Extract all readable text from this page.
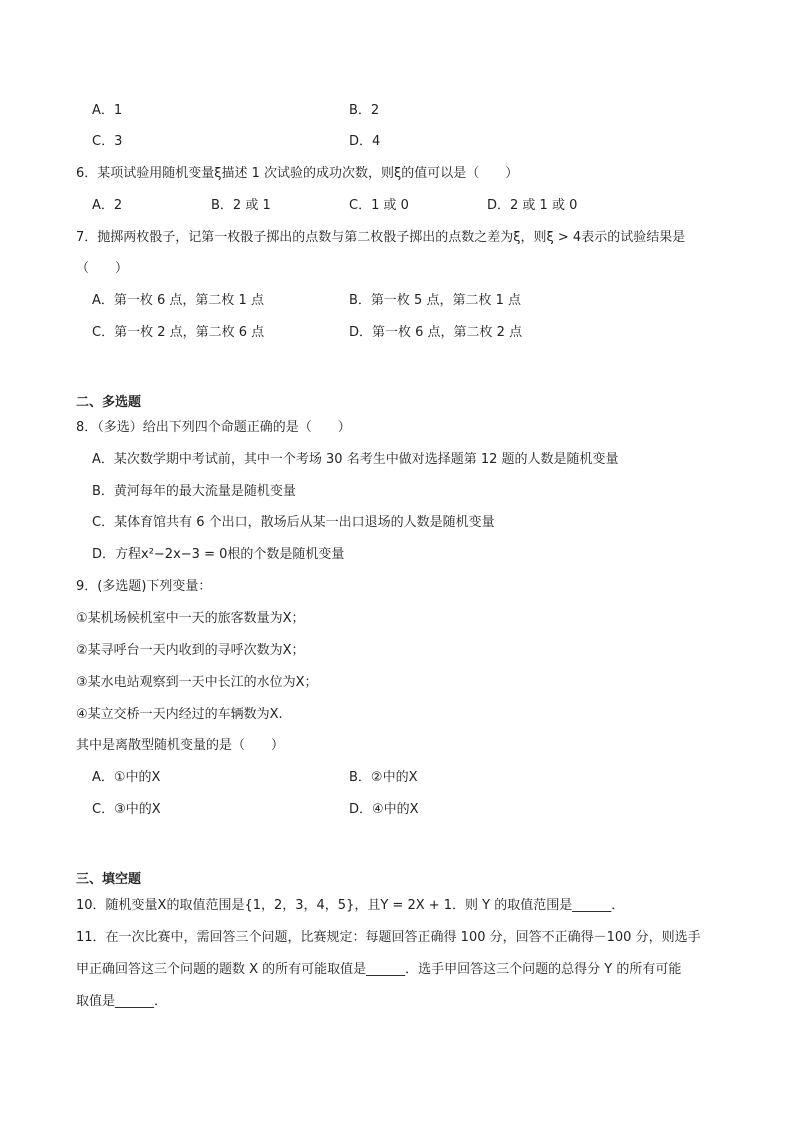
A．1	B．2
C．3	D．4
6．某项试验用随机变量ξ描述 1 次试验的成功次数，则ξ的值可以是（　　）
A．2	B．2 或 1	C．1 或 0	D．2 或 1 或 0
7．抛掷两枚骰子，记第一枚骰子掷出的点数与第二枚骰子掷出的点数之差为ξ，则ξ > 4表示的试验结果是
（　　）
A．第一枚 6 点，第二枚 1 点	B．第一枚 5 点，第二枚 1 点
C．第一枚 2 点，第二枚 6 点	D．第一枚 6 点，第二枚 2 点
二、多选题
8．（多选）给出下列四个命题正确的是（　　）
A．某次数学期中考试前，其中一个考场 30 名考生中做对选择题第 12 题的人数是随机变量
B．黄河每年的最大流量是随机变量
C．某体育馆共有 6 个出口，散场后从某一出口退场的人数是随机变量
D．方程x²−2x−3 = 0根的个数是随机变量
9．(多选题)下列变量：
①某机场候机室中一天的旅客数量为X；
②某寻呼台一天内收到的寻呼次数为X；
③某水电站观察到一天中长江的水位为X；
④某立交桥一天内经过的车辆数为X.
其中是离散型随机变量的是（　　）
A．①中的X	B．②中的X
C．③中的X	D．④中的X
三、填空题
10．随机变量X的取值范围是{1，2，3，4，5}，且Y = 2X + 1．则 Y 的取值范围是______．
11．在一次比赛中，需回答三个问题，比赛规定：每题回答正确得 100 分，回答不正确得－100 分，则选手
甲正确回答这三个问题的题数 X 的所有可能取值是______．选手甲回答这三个问题的总得分 Y 的所有可能
取值是______．
